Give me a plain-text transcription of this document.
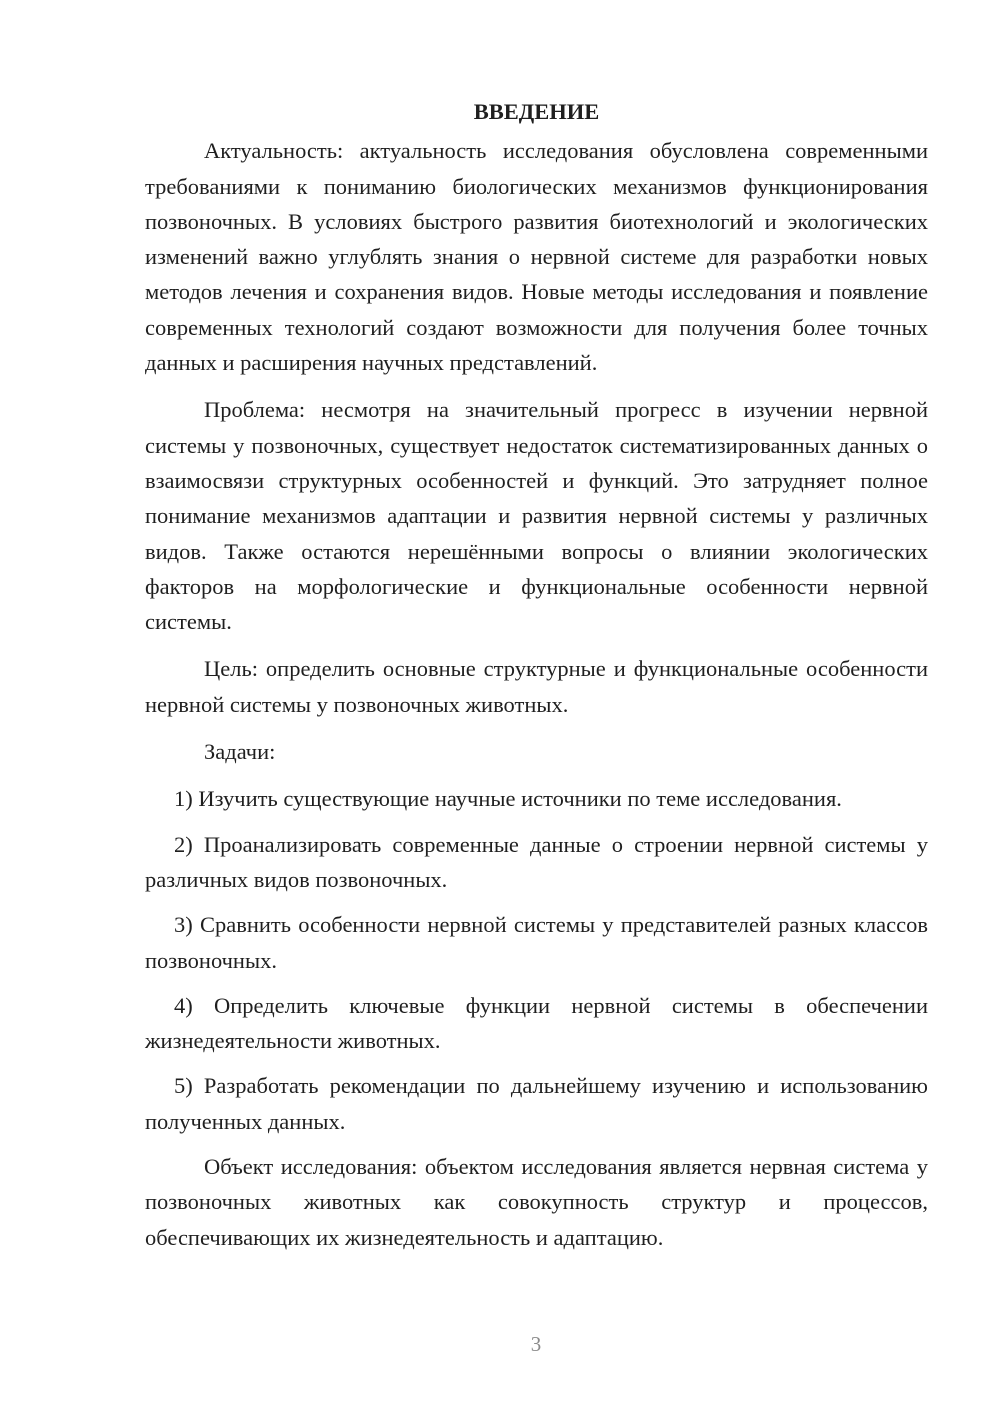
ВВЕДЕНИЕ

Актуальность: актуальность исследования обусловлена современными требованиями к пониманию биологических механизмов функционирования позвоночных. В условиях быстрого развития биотехнологий и экологических изменений важно углублять знания о нервной системе для разработки новых методов лечения и сохранения видов. Новые методы исследования и появление современных технологий создают возможности для получения более точных данных и расширения научных представлений.

Проблема: несмотря на значительный прогресс в изучении нервной системы у позвоночных, существует недостаток систематизированных данных о взаимосвязи структурных особенностей и функций. Это затрудняет полное понимание механизмов адаптации и развития нервной системы у различных видов. Также остаются нерешёнными вопросы о влиянии экологических факторов на морфологические и функциональные особенности нервной системы.

Цель: определить основные структурные и функциональные особенности нервной системы у позвоночных животных.

Задачи:

1) Изучить существующие научные источники по теме исследования.

2) Проанализировать современные данные о строении нервной системы у различных видов позвоночных.

3) Сравнить особенности нервной системы у представителей разных классов позвоночных.

4) Определить ключевые функции нервной системы в обеспечении жизнедеятельности животных.

5) Разработать рекомендации по дальнейшему изучению и использованию полученных данных.

Объект исследования: объектом исследования является нервная система у позвоночных животных как совокупность структур и процессов, обеспечивающих их жизнедеятельность и адаптацию.

3
